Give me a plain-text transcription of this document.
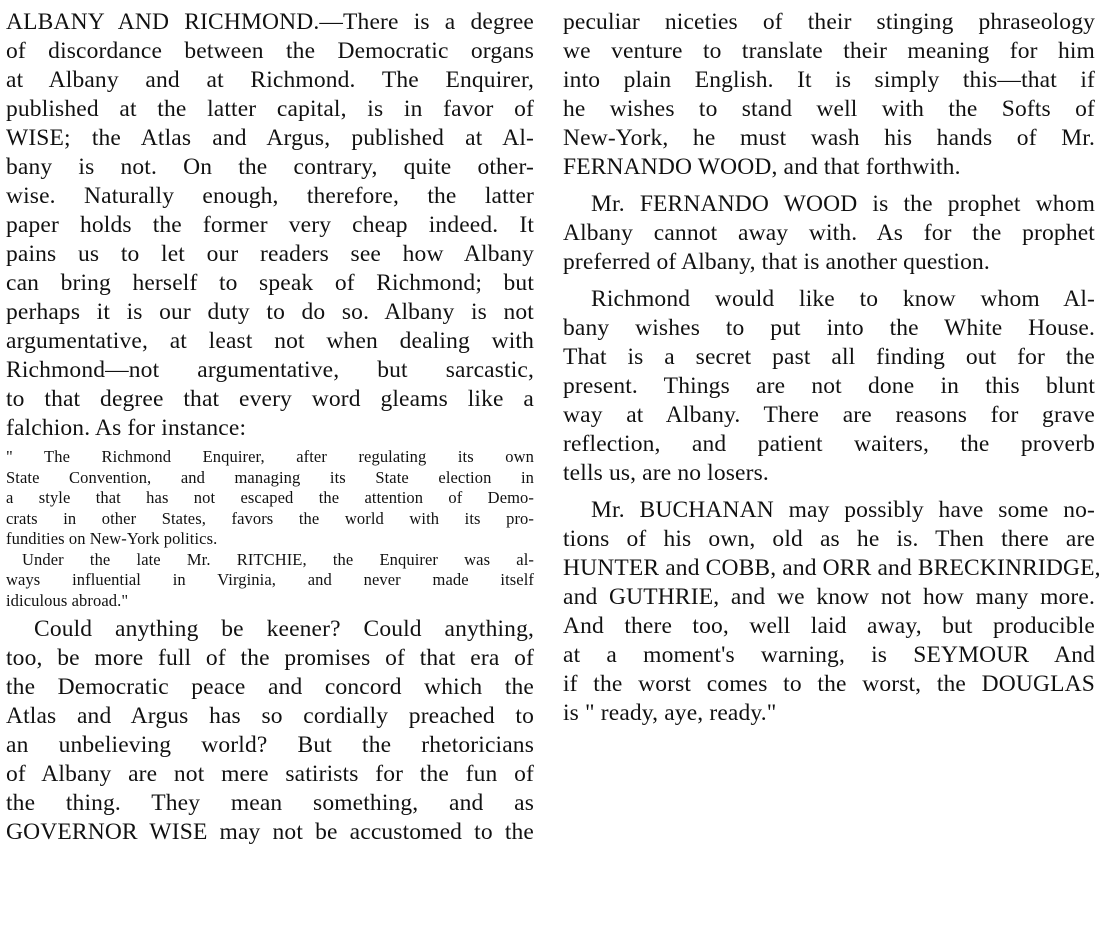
ALBANY AND RICHMOND.—There is a degree
of discordance between the Democratic organs
at Albany and at Richmond. The Enquirer,
published at the latter capital, is in favor of
WISE; the Atlas and Argus, published at Al-
bany is not. On the contrary, quite other-
wise. Naturally enough, therefore, the latter
paper holds the former very cheap indeed. It
pains us to let our readers see how Albany
can bring herself to speak of Richmond; but
perhaps it is our duty to do so. Albany is not
argumentative, at least not when dealing with
Richmond—not argumentative, but sarcastic,
to that degree that every word gleams like a
falchion. As for instance:
" The Richmond Enquirer, after regulating its own
State Convention, and managing its State election in
a style that has not escaped the attention of Demo-
crats in other States, favors the world with its pro-
fundities on New-York politics.
Under the late Mr. RITCHIE, the Enquirer was al-
ways influential in Virginia, and never made itself
idiculous abroad."
Could anything be keener? Could anything,
too, be more full of the promises of that era of
the Democratic peace and concord which the
Atlas and Argus has so cordially preached to
an unbelieving world? But the rhetoricians
of Albany are not mere satirists for the fun of
the thing. They mean something, and as
GOVERNOR WISE may not be accustomed to the
peculiar niceties of their stinging phraseology
we venture to translate their meaning for him
into plain English. It is simply this—that if
he wishes to stand well with the Softs of
New-York, he must wash his hands of Mr.
FERNANDO WOOD, and that forthwith.
Mr. FERNANDO WOOD is the prophet whom
Albany cannot away with. As for the prophet
preferred of Albany, that is another question.
Richmond would like to know whom Al-
bany wishes to put into the White House.
That is a secret past all finding out for the
present. Things are not done in this blunt
way at Albany. There are reasons for grave
reflection, and patient waiters, the proverb
tells us, are no losers.
Mr. BUCHANAN may possibly have some no-
tions of his own, old as he is. Then there are
HUNTER and COBB, and ORR and BRECKINRIDGE,
and GUTHRIE, and we know not how many more.
And there too, well laid away, but producible
at a moment's warning, is SEYMOUR And
if the worst comes to the worst, the DOUGLAS
is " ready, aye, ready."
